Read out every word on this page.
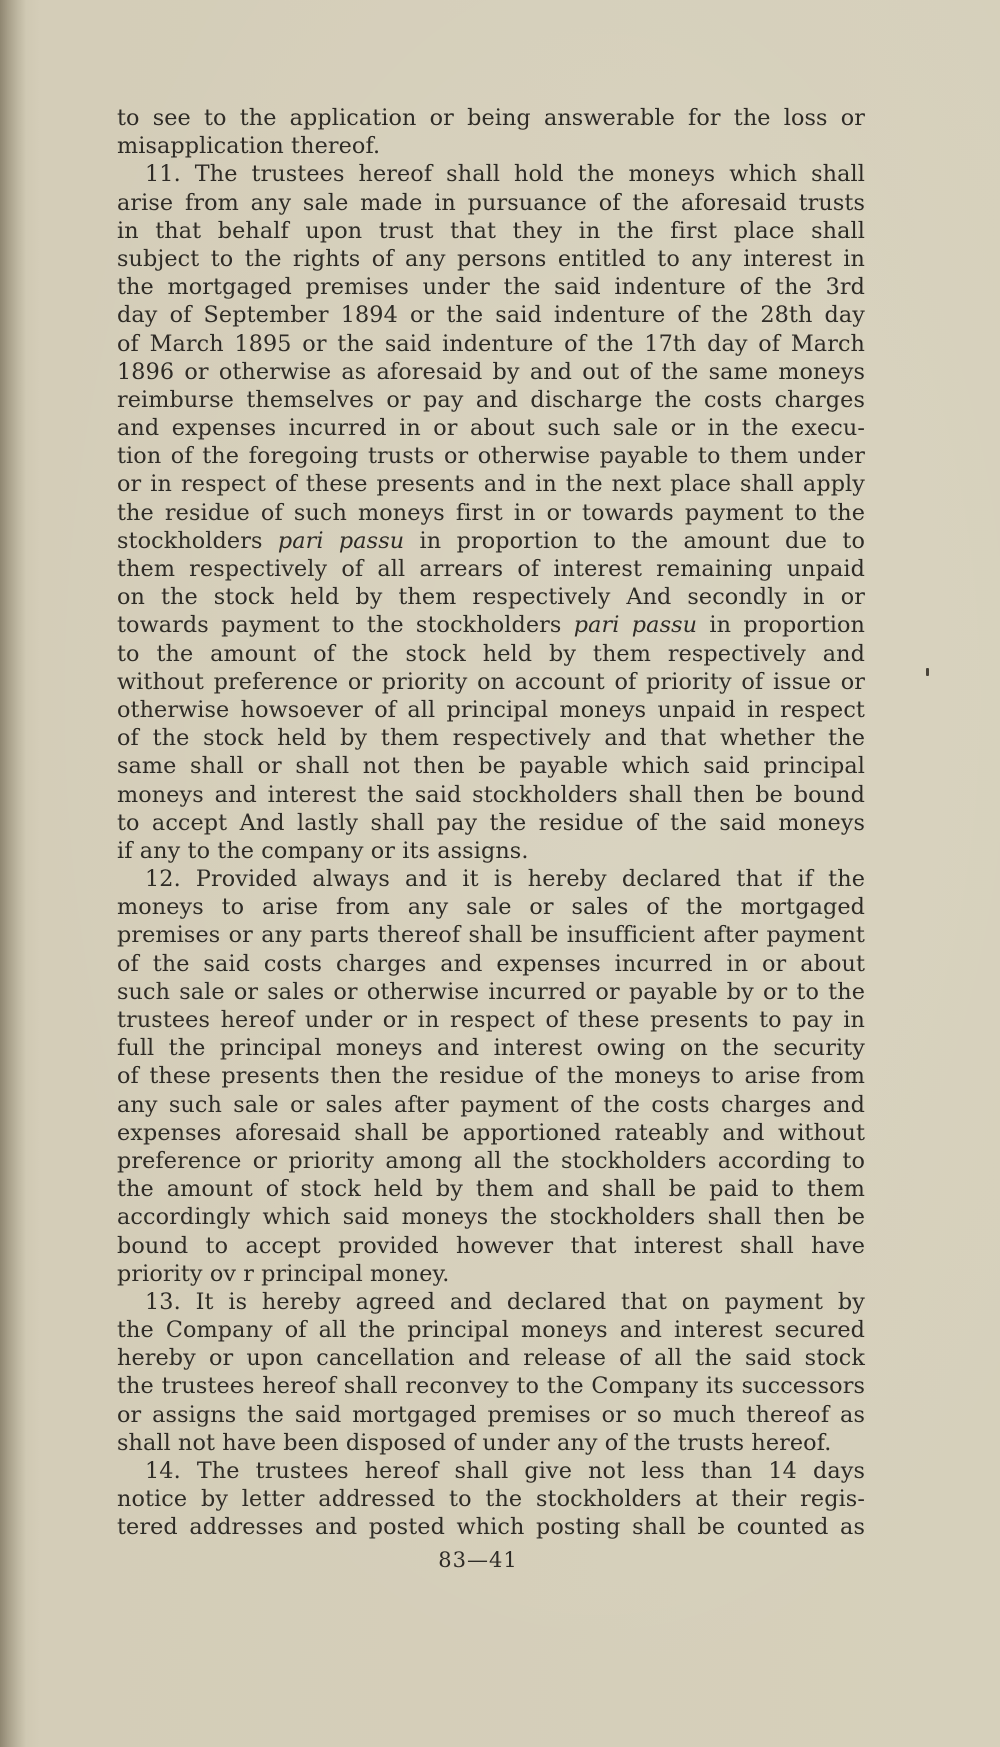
to see to the application or being answerable for the loss or
misapplication thereof.
11. The trustees hereof shall hold the moneys which shall
arise from any sale made in pursuance of the aforesaid trusts
in that behalf upon trust that they in the first place shall
subject to the rights of any persons entitled to any interest in
the mortgaged premises under the said indenture of the 3rd
day of September 1894 or the said indenture of the 28th day
of March 1895 or the said indenture of the 17th day of March
1896 or otherwise as aforesaid by and out of the same moneys
reimburse themselves or pay and discharge the costs charges
and expenses incurred in or about such sale or in the execu-
tion of the foregoing trusts or otherwise payable to them under
or in respect of these presents and in the next place shall apply
the residue of such moneys first in or towards payment to the
stockholders pari passu in proportion to the amount due to
them respectively of all arrears of interest remaining unpaid
on the stock held by them respectively And secondly in or
towards payment to the stockholders pari passu in proportion
to the amount of the stock held by them respectively and
without preference or priority on account of priority of issue or
otherwise howsoever of all principal moneys unpaid in respect
of the stock held by them respectively and that whether the
same shall or shall not then be payable which said principal
moneys and interest the said stockholders shall then be bound
to accept And lastly shall pay the residue of the said moneys
if any to the company or its assigns.
12. Provided always and it is hereby declared that if the
moneys to arise from any sale or sales of the mortgaged
premises or any parts thereof shall be insufficient after payment
of the said costs charges and expenses incurred in or about
such sale or sales or otherwise incurred or payable by or to the
trustees hereof under or in respect of these presents to pay in
full the principal moneys and interest owing on the security
of these presents then the residue of the moneys to arise from
any such sale or sales after payment of the costs charges and
expenses aforesaid shall be apportioned rateably and without
preference or priority among all the stockholders according to
the amount of stock held by them and shall be paid to them
accordingly which said moneys the stockholders shall then be
bound to accept provided however that interest shall have
priority ov r principal money.
13. It is hereby agreed and declared that on payment by
the Company of all the principal moneys and interest secured
hereby or upon cancellation and release of all the said stock
the trustees hereof shall reconvey to the Company its successors
or assigns the said mortgaged premises or so much thereof as
shall not have been disposed of under any of the trusts hereof.
14. The trustees hereof shall give not less than 14 days
notice by letter addressed to the stockholders at their regis-
tered addresses and posted which posting shall be counted as
83—41
